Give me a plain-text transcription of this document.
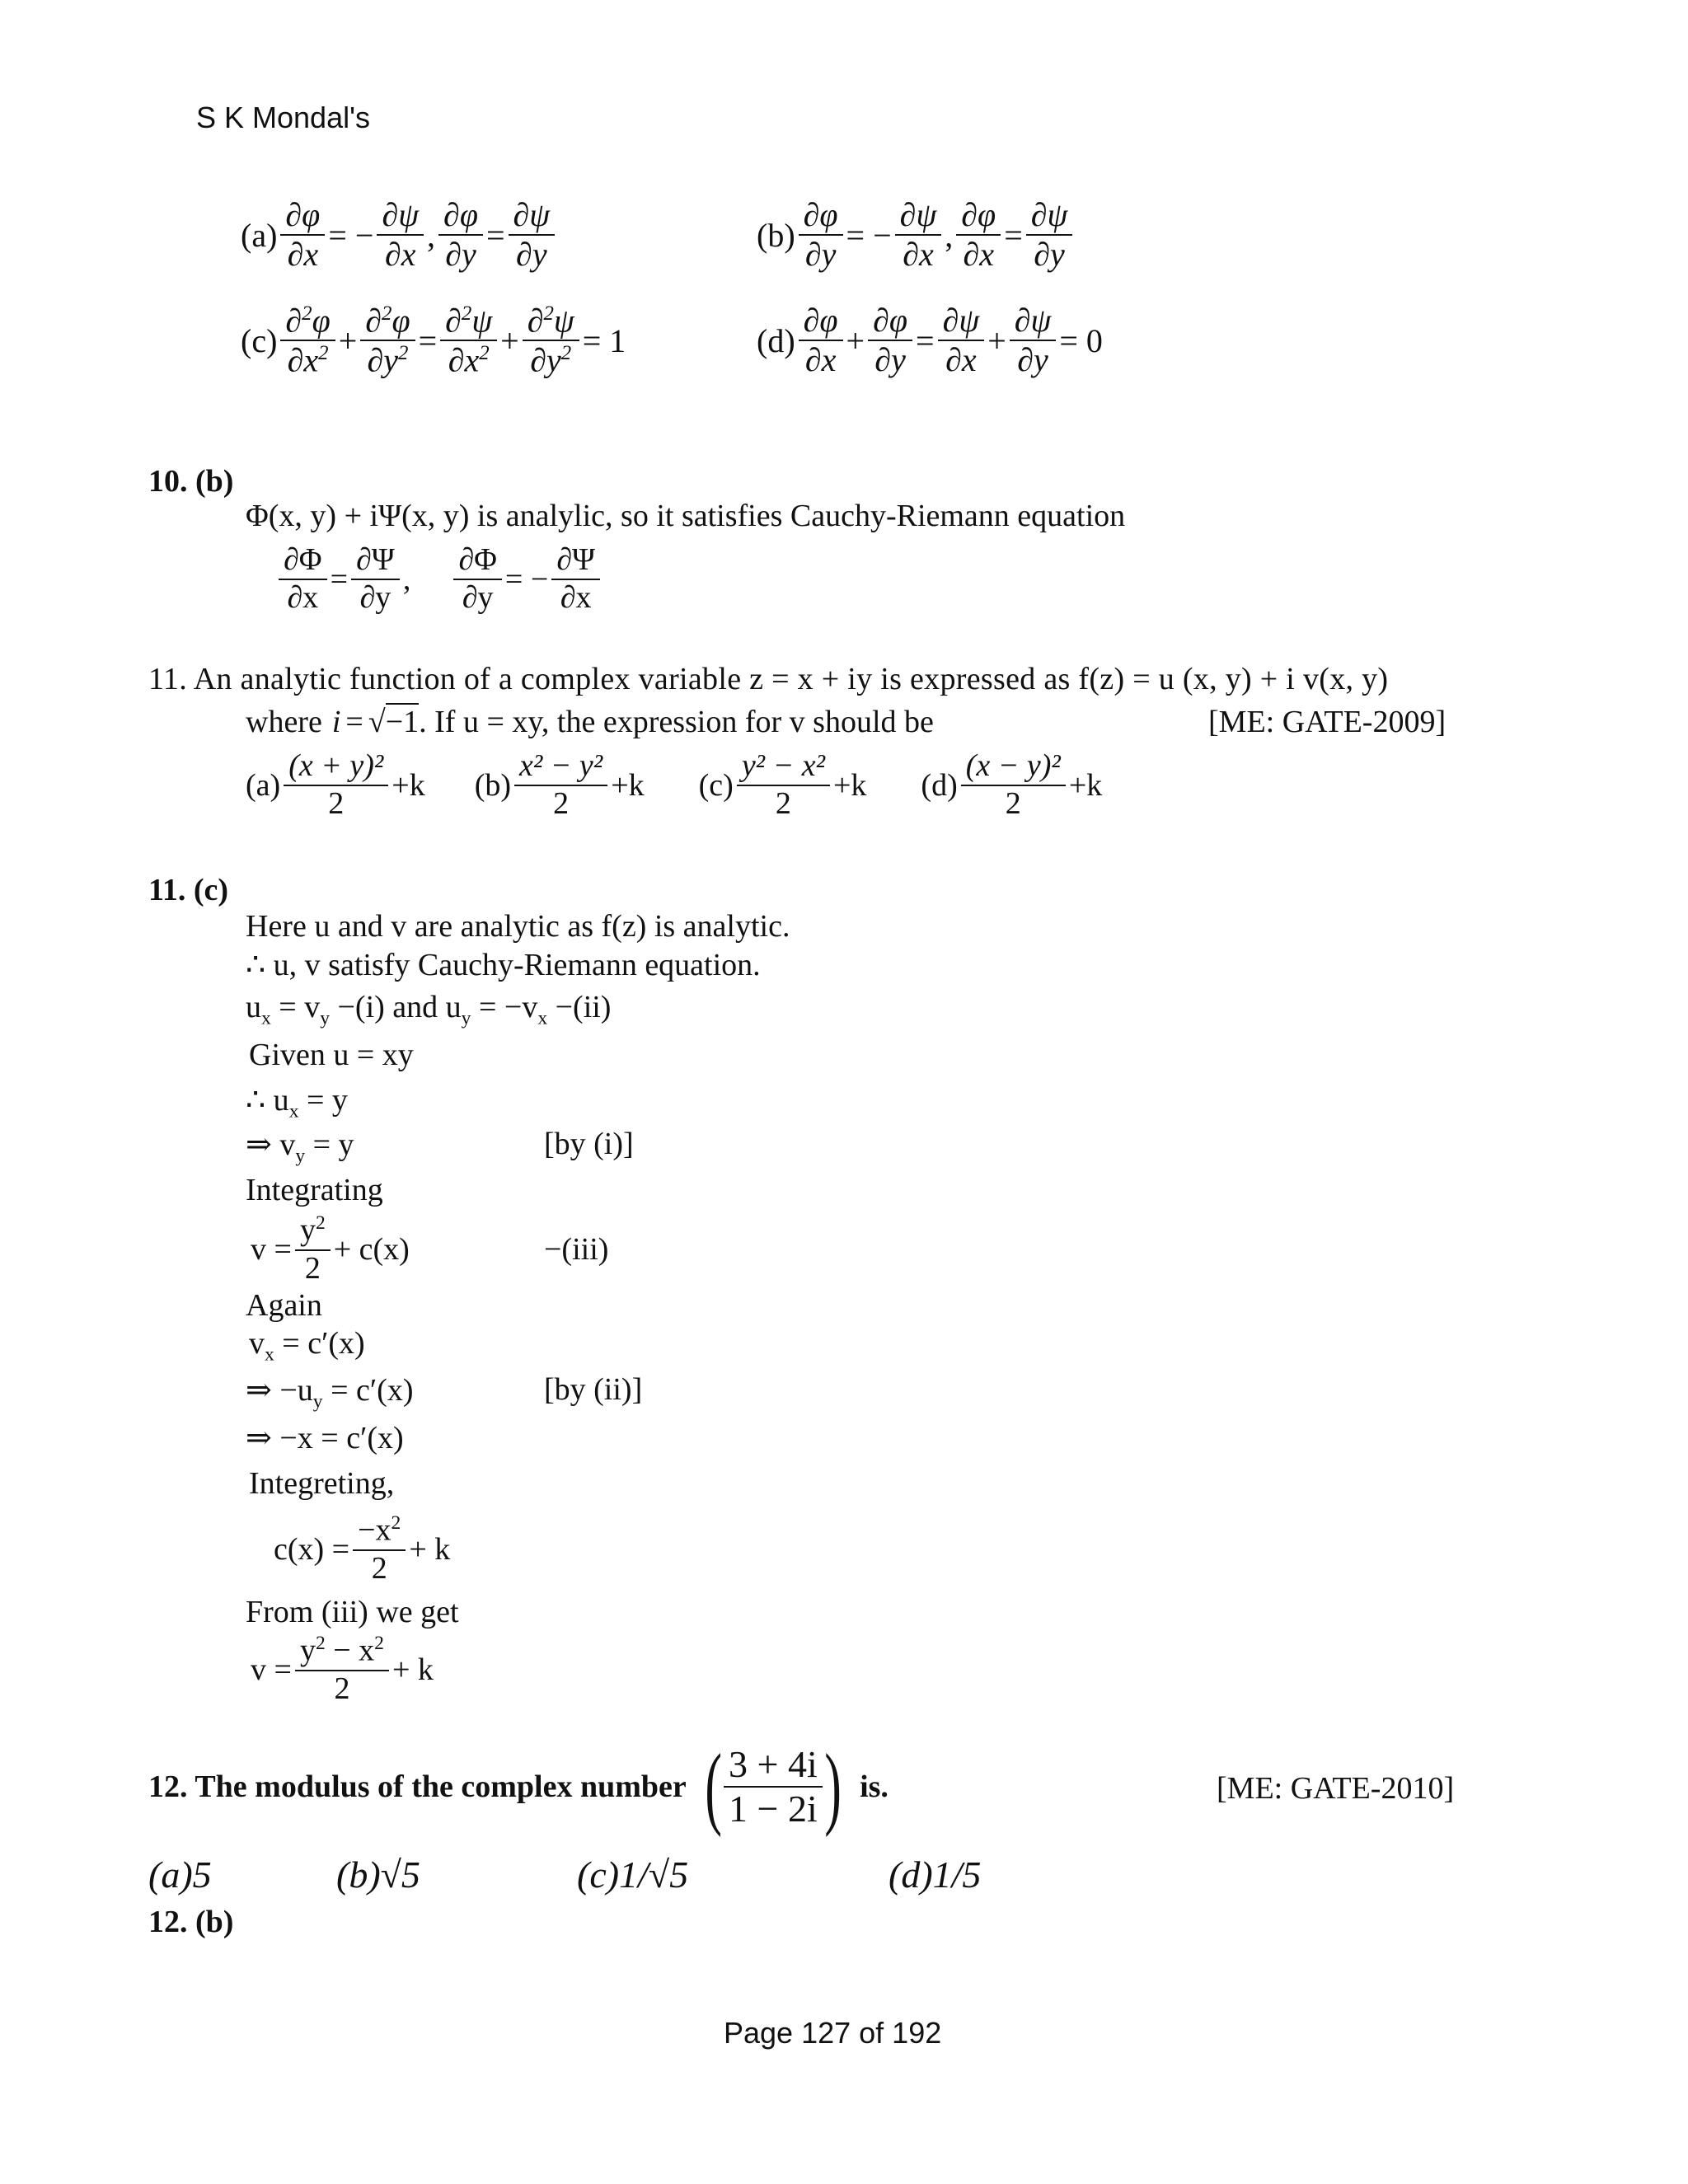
S K Mondal's
$(a) \frac{\partial\varphi}{\partial x}$ = − $\frac{\partial\psi}{\partial x}$ , $\frac{\partial\varphi}{\partial y} = \frac{\partial\psi}{\partial y}$	$(b) \frac{\partial\varphi}{\partial y}$ = − $\frac{\partial\psi}{\partial x}$ , $\frac{\partial\varphi}{\partial x} = \frac{\partial\psi}{\partial y}$
$(c) \frac{\partial^2\varphi}{\partial x^2} + \frac{\partial^2\varphi}{\partial y^2} = \frac{\partial^2\psi}{\partial x^2} + \frac{\partial^2\psi}{\partial y^2} = 1$	$(d) \frac{\partial\varphi}{\partial x} + \frac{\partial\varphi}{\partial y} = \frac{\partial\psi}{\partial x} + \frac{\partial\psi}{\partial y} = 0$
10. (b)
Φ(x, y) + iΨ(x, y) is analylic, so it satisfies Cauchy-Riemann equation
$\frac{\partial\Phi}{\partial x} = \frac{\partial\Psi}{\partial y}$ , $\frac{\partial\Phi}{\partial y}$ = − $\frac{\partial\Psi}{\partial x}$
11. An analytic function of a complex variable z = x + iy is expressed as f(z) = u (x, y) + i v(x, y)
where i = √−1 . If u = xy, the expression for v should be	[ME: GATE-2009]
$(a) \frac{\text{(x + y)²}}{2} +k$ $(b) \frac{\text{x² − y²}}{2} +k$ $(c) \frac{\text{y² − x²}}{2} +k$ $(d) \frac{\text{(x − y)²}}{2} +k$
11. (c)
Here u and v are analytic as f(z) is analytic.
∴ u, v satisfy Cauchy-Riemann equation.
$u_x = v_y -(i)$ and $u_y = -v_x -(ii)$
Given u = xy
∴ $u_x = y$
⇒ $v_y = y$	[by (i)]
Integrating
$v = \frac{y^2}{2} + c(x)$	−(iii)
Again
$v_x = c'(x)$
⇒ $-u_y = c'(x)$	[by (ii)]
⇒ −x = c′(x)
Integreting,
$c(x) = \frac{-x^2}{2} + k$
From (iii) we get
$v = \frac{y^2 - x^2}{2} + k$
12. The modulus of the complex number ( $\frac{3 + 4i}{1 - 2i}$ ) is.	[ME: GATE-2010]
(a)5	(b)√5	(c)1/√5	(d)1/5
12. (b)
Page 127 of 192
